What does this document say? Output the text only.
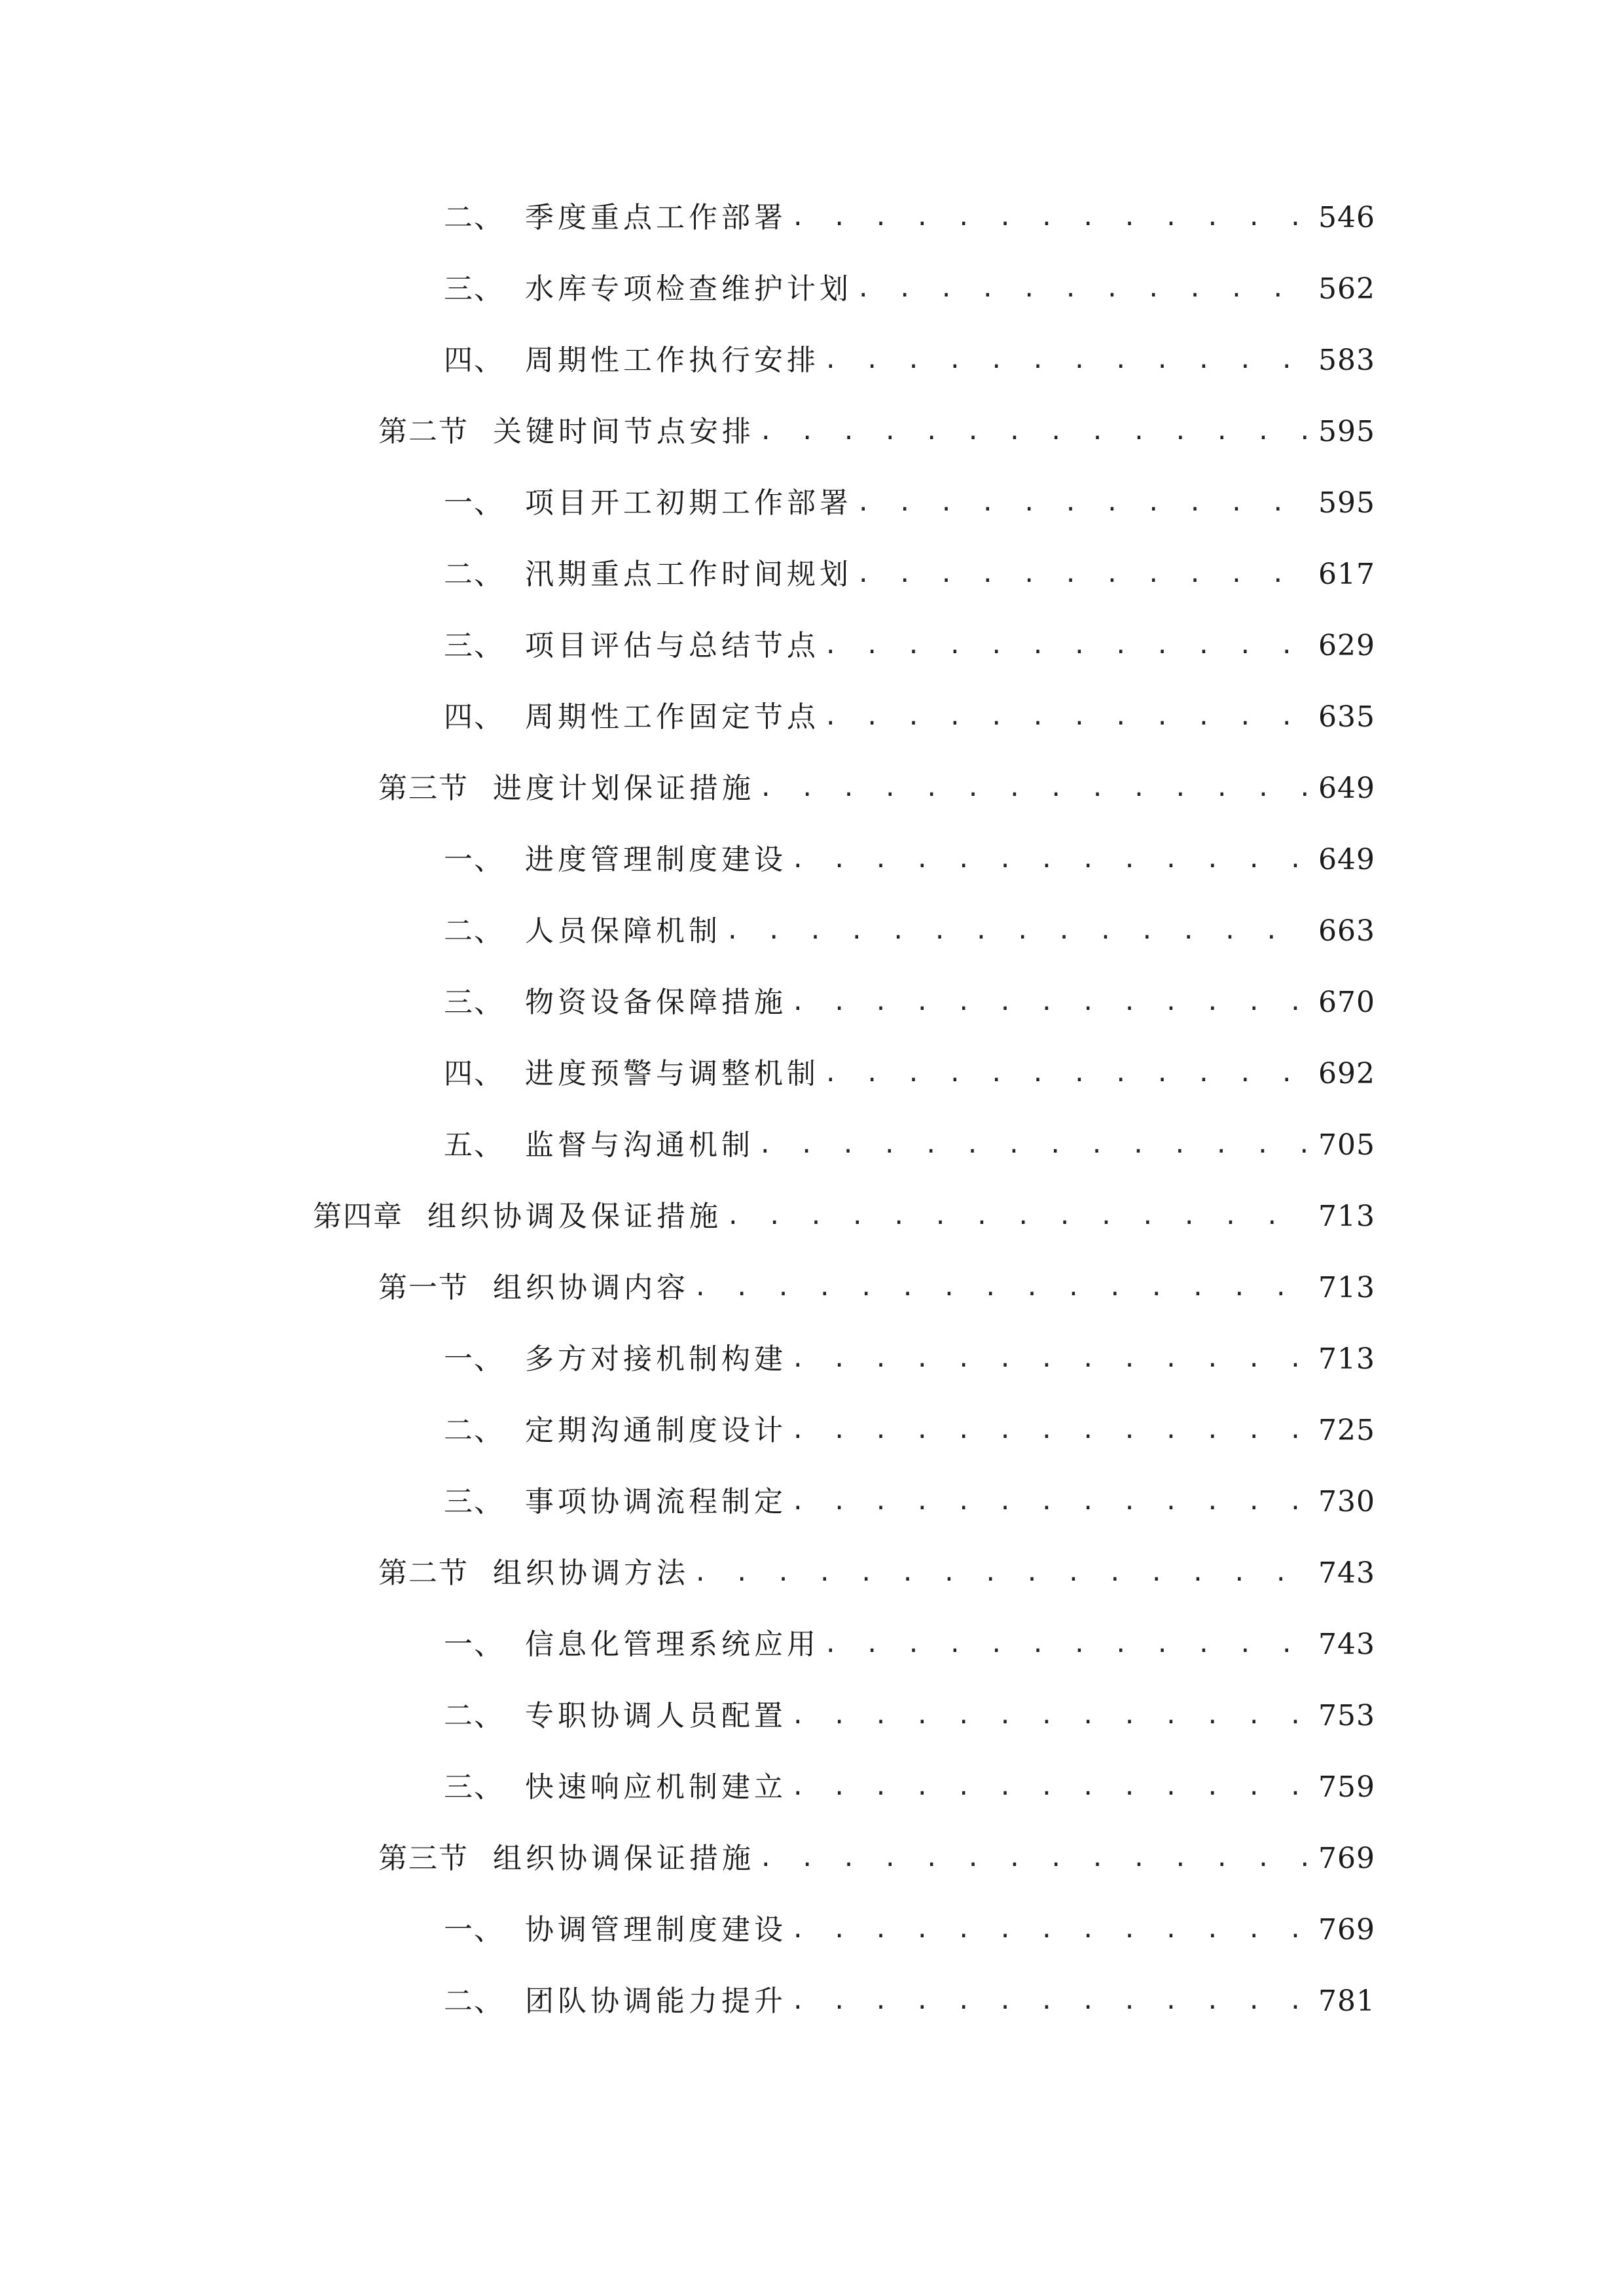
二、 季度重点工作部署 . . .	546
三、 水库专项检查维护计划 . . .	562
四、 周期性工作执行安排 . . .	583
第二节 关键时间节点安排 . . .	595
一、 项目开工初期工作部署 . . .	595
二、 汛期重点工作时间规划 . . .	617
三、 项目评估与总结节点 . . .	629
四、 周期性工作固定节点 . . .	635
第三节 进度计划保证措施 . . .	649
一、 进度管理制度建设 . . .	649
二、 人员保障机制 . . .	663
三、 物资设备保障措施 . . .	670
四、 进度预警与调整机制 . . .	692
五、 监督与沟通机制 . . .	705
第四章 组织协调及保证措施 . . .	713
第一节 组织协调内容 . . .	713
一、 多方对接机制构建 . . .	713
二、 定期沟通制度设计 . . .	725
三、 事项协调流程制定 . . .	730
第二节 组织协调方法 . . .	743
一、 信息化管理系统应用 . . .	743
二、 专职协调人员配置 . . .	753
三、 快速响应机制建立 . . .	759
第三节 组织协调保证措施 . . .	769
一、 协调管理制度建设 . . .	769
二、 团队协调能力提升 . . .	781
